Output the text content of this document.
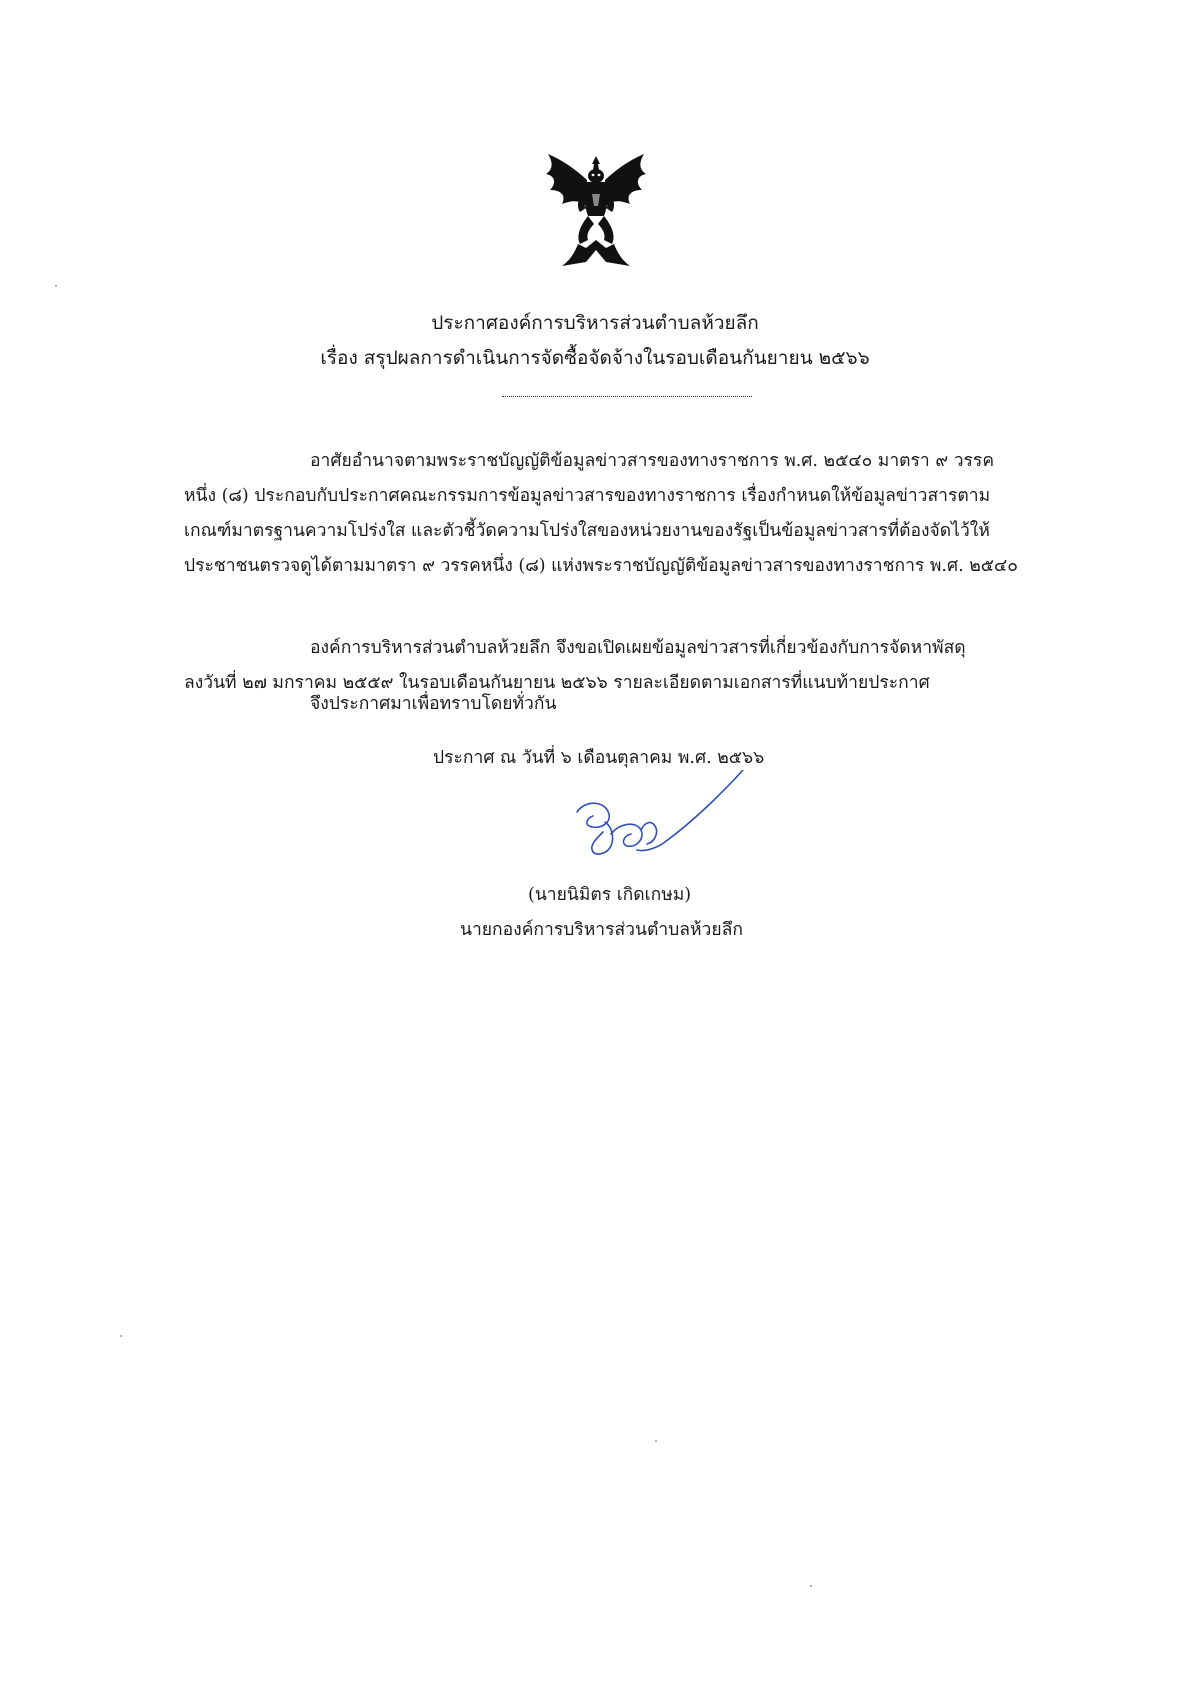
ประกาศองค์การบริหารส่วนตำบลห้วยลึก
เรื่อง สรุปผลการดำเนินการจัดซื้อจัดจ้างในรอบเดือนกันยายน ๒๕๖๖
อาศัยอำนาจตามพระราชบัญญัติข้อมูลข่าวสารของทางราชการ พ.ศ. ๒๕๔๐ มาตรา ๙ วรรค
หนึ่ง (๘) ประกอบกับประกาศคณะกรรมการข้อมูลข่าวสารของทางราชการ เรื่องกำหนดให้ข้อมูลข่าวสารตาม
เกณฑ์มาตรฐานความโปร่งใส และตัวชี้วัดความโปร่งใสของหน่วยงานของรัฐเป็นข้อมูลข่าวสารที่ต้องจัดไว้ให้
ประชาชนตรวจดูได้ตามมาตรา ๙ วรรคหนึ่ง (๘) แห่งพระราชบัญญัติข้อมูลข่าวสารของทางราชการ พ.ศ. ๒๕๔๐
องค์การบริหารส่วนตำบลห้วยลึก จึงขอเปิดเผยข้อมูลข่าวสารที่เกี่ยวข้องกับการจัดหาพัสดุ
ลงวันที่ ๒๗ มกราคม ๒๕๕๙ ในรอบเดือนกันยายน ๒๕๖๖ รายละเอียดตามเอกสารที่แนบท้ายประกาศ
จึงประกาศมาเพื่อทราบโดยทั่วกัน
ประกาศ ณ วันที่ ๖ เดือนตุลาคม พ.ศ. ๒๕๖๖
(นายนิมิตร เกิดเกษม)
นายกองค์การบริหารส่วนตำบลห้วยลึก
